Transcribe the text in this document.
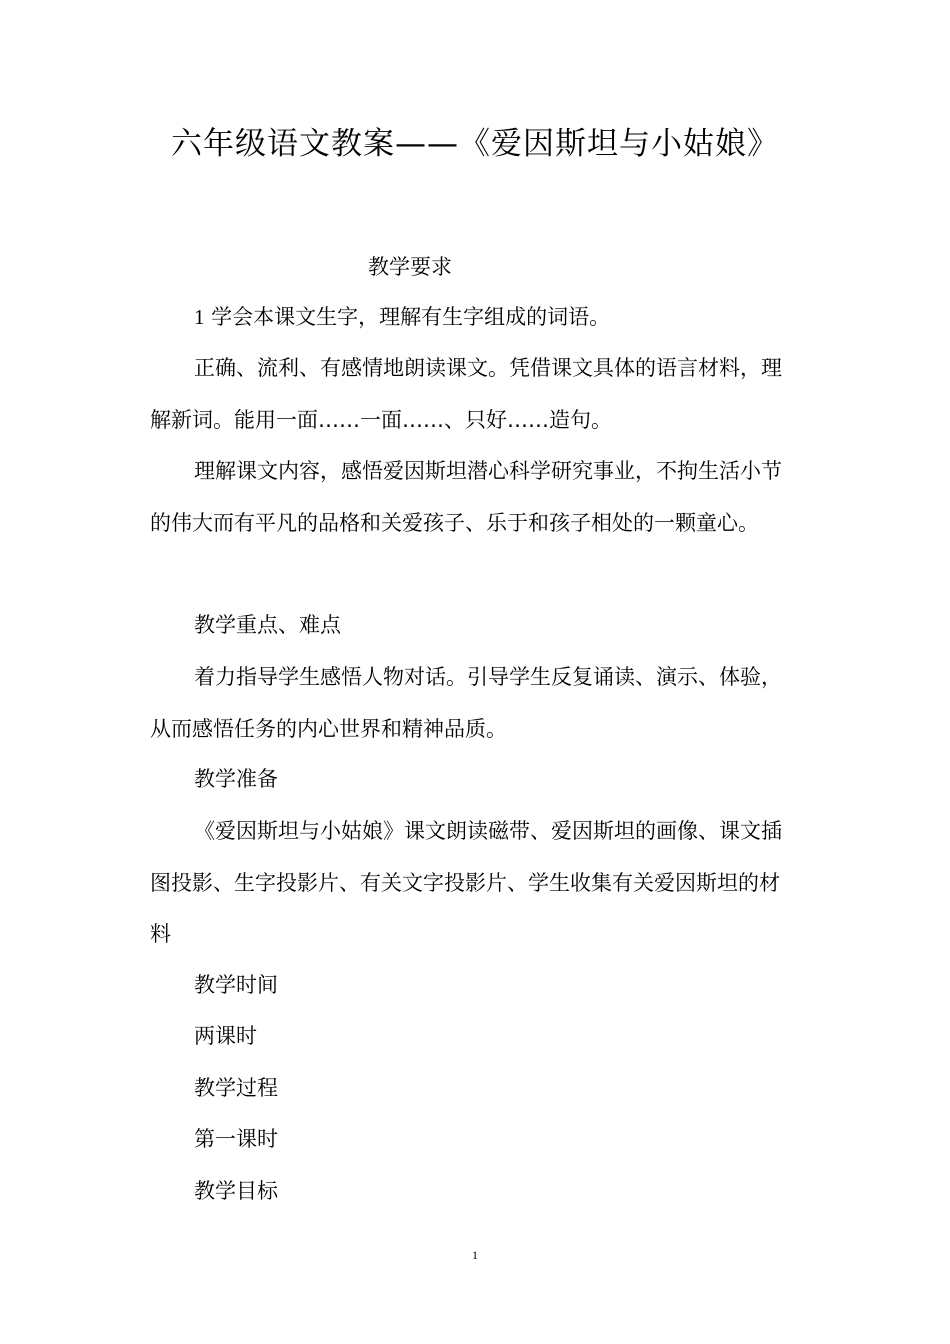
六年级语文教案——《爱因斯坦与小姑娘》
教学要求

1 学会本课文生字，理解有生字组成的词语。

正确、流利、有感情地朗读课文。凭借课文具体的语言材料，理解新词。能用一面……一面……、只好……造句。

理解课文内容，感悟爱因斯坦潜心科学研究事业，不拘生活小节的伟大而有平凡的品格和关爱孩子、乐于和孩子相处的一颗童心。

教学重点、难点

着力指导学生感悟人物对话。引导学生反复诵读、演示、体验，从而感悟任务的内心世界和精神品质。

教学准备

《爱因斯坦与小姑娘》课文朗读磁带、爱因斯坦的画像、课文插图投影、生字投影片、有关文字投影片、学生收集有关爱因斯坦的材料

教学时间

两课时

教学过程

第一课时

教学目标

1
